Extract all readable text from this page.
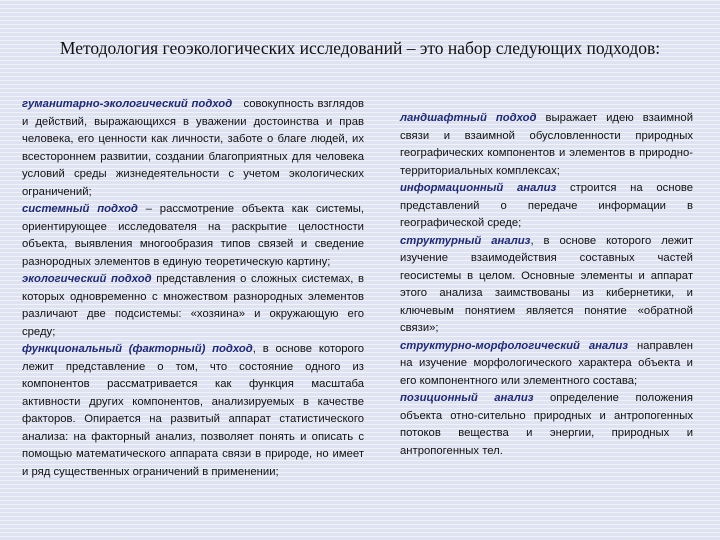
Методология геоэкологических исследований – это набор следующих подходов:

гуманитарно-экологический подход совокупность взглядов и действий, выражающихся в уважении достоинства и прав человека, его ценности как личности, заботе о благе людей, их всестороннем развитии, создании благоприятных для человека условий среды жизнедеятельности с учетом экологических ограничений;

системный подход – рассмотрение объекта как системы, ориентирующее исследователя на раскрытие целостности объекта, выявления многообразия типов связей и сведение разнородных элементов в единую теоретическую картину;

экологический подход представления о сложных системах, в которых одновременно с множеством разнородных элементов различают две подсистемы: «хозяина» и окружающую его среду;

функциональный (факторный) подход, в основе которого лежит представление о том, что состояние одного из компонентов рассматривается как функция масштаба активности других компонентов, анализируемых в качестве факторов. Опирается на развитый аппарат статистического анализа: на факторный анализ, позволяет понять и описать с помощью математического аппарата связи в природе, но имеет и ряд существенных ограничений в применении;

ландшафтный подход выражает идею взаимной связи и взаимной обусловленности природных географических компонентов и элементов в природно-территориальных комплексах;

информационный анализ строится на основе представлений о передаче информации в географической среде;

структурный анализ, в основе которого лежит изучение взаимодействия составных частей геосистемы в целом. Основные элементы и аппарат этого анализа заимствованы из кибернетики, и ключевым понятием является понятие «обратной связи»;

структурно-морфологический анализ направлен на изучение морфологического характера объекта и его компонентного или элементного состава;

позиционный анализ определение положения объекта отно-сительно природных и антропогенных потоков вещества и энергии, природных и антропогенных тел.
